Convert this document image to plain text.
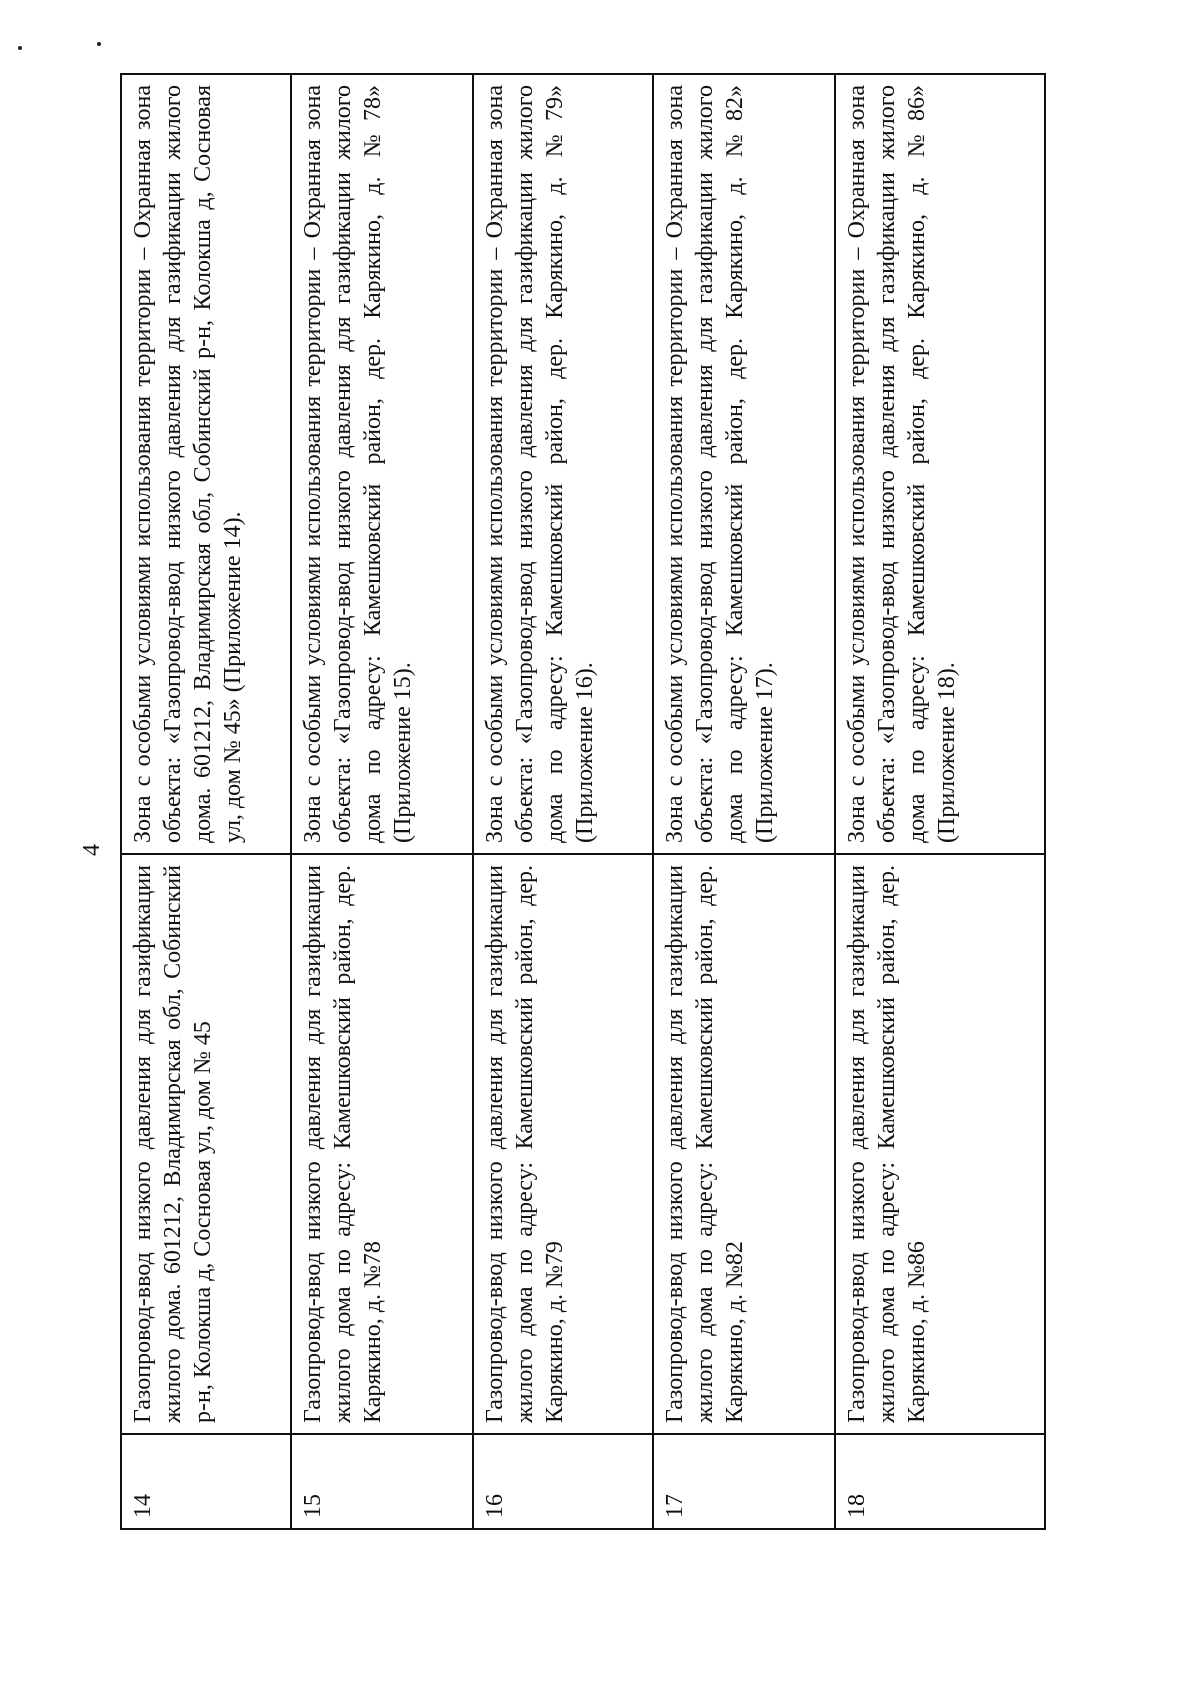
4
14	Газопровод-ввод низкого давления для газификации жилого дома. 601212, Владимирская обл, Собинский р-н, Колокша д, Сосновая ул, дом № 45	Зона с особыми условиями использования территории – Охранная зона объекта: «Газопровод-ввод низкого давления для газификации жилого дома. 601212, Владимирская обл, Собинский р-н, Колокша д, Сосновая ул, дом № 45» (Приложение 14).
15	Газопровод-ввод низкого давления для газификации жилого дома по адресу: Камешковский район, дер. Карякино, д. №78	Зона с особыми условиями использования территории – Охранная зона объекта: «Газопровод-ввод низкого давления для газификации жилого дома по адресу: Камешковский район, дер. Карякино, д. №78» (Приложение 15).
16	Газопровод-ввод низкого давления для газификации жилого дома по адресу: Камешковский район, дер. Карякино, д. №79	Зона с особыми условиями использования территории – Охранная зона объекта: «Газопровод-ввод низкого давления для газификации жилого дома по адресу: Камешковский район, дер. Карякино, д. №79» (Приложение 16).
17	Газопровод-ввод низкого давления для газификации жилого дома по адресу: Камешковский район, дер. Карякино, д. №82	Зона с особыми условиями использования территории – Охранная зона объекта: «Газопровод-ввод низкого давления для газификации жилого дома по адресу: Камешковский район, дер. Карякино, д. №82» (Приложение 17).
18	Газопровод-ввод низкого давления для газификации жилого дома по адресу: Камешковский район, дер. Карякино, д. №86	Зона с особыми условиями использования территории – Охранная зона объекта: «Газопровод-ввод низкого давления для газификации жилого дома по адресу: Камешковский район, дер. Карякино, д. №86» (Приложение 18).
